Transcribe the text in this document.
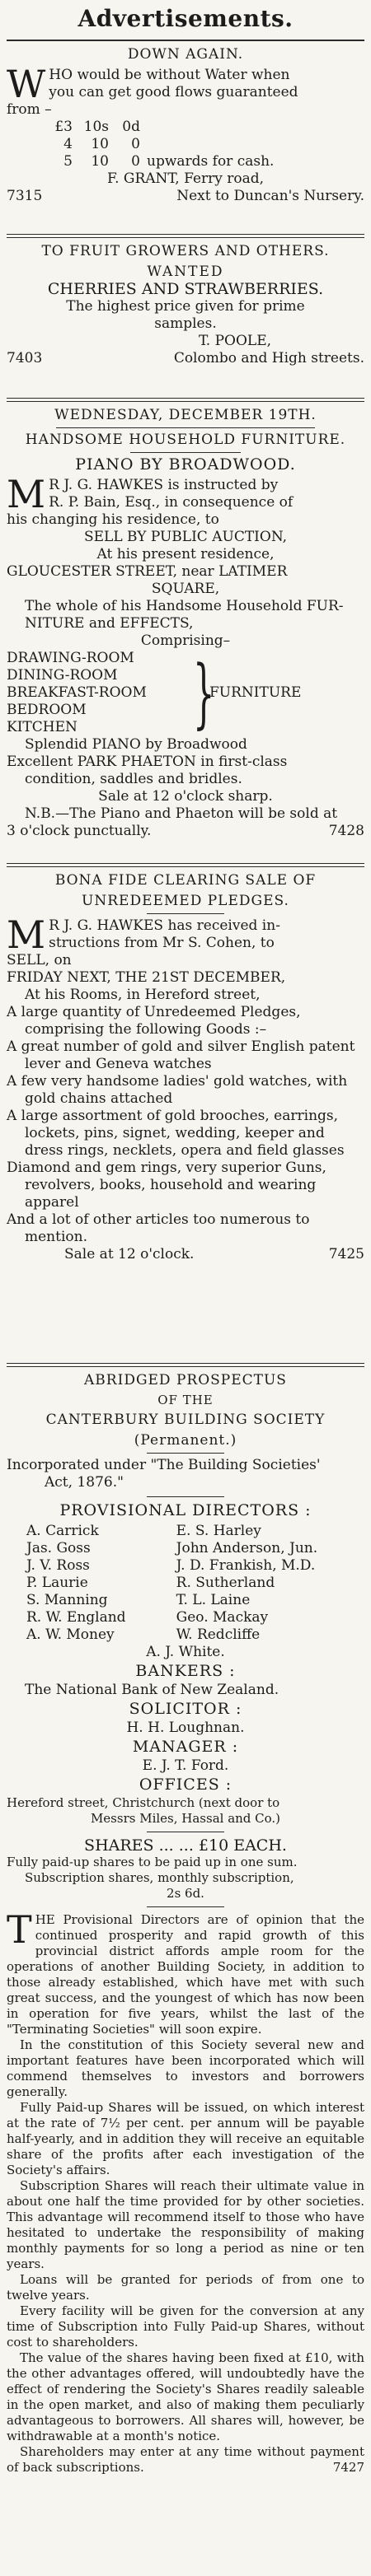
Advertisements.
DOWN AGAIN.
W HO would be without Water when
you can get good flows guaranteed
from –
£3 10s 0d
4	10	0
5	10	0 upwards for cash.
F. GRANT, Ferry road,
7315	Next to Duncan's Nursery.
TO FRUIT GROWERS AND OTHERS.
WANTED
CHERRIES AND STRAWBERRIES.
The highest price given for prime
samples.
T. POOLE,
7403	Colombo and High streets.
WEDNESDAY, DECEMBER 19TH.
HANDSOME HOUSEHOLD FURNITURE.
PIANO BY BROADWOOD.
M R J. G. HAWKES is instructed by
R. P. Bain, Esq., in consequence of
his changing his residence, to
SELL BY PUBLIC AUCTION,
At his present residence,
GLOUCESTER STREET, near LATIMER
SQUARE,
The whole of his Handsome Household FUR-
NITURE and EFFECTS,
Comprising–
DRAWING-ROOM
DINING-ROOM
BREAKFAST-ROOM
BEDROOM
KITCHEN	}
FURNITURE
Splendid PIANO by Broadwood
Excellent PARK PHAETON in first-class
condition, saddles and bridles.
Sale at 12 o'clock sharp.
N.B.—The Piano and Phaeton will be sold at
3 o'clock punctually.	7428
BONA FIDE CLEARING SALE OF
UNREDEEMED PLEDGES.
M R J. G. HAWKES has received in-
structions from Mr S. Cohen, to
SELL, on
FRIDAY NEXT, THE 21ST DECEMBER,
At his Rooms, in Hereford street,
A large quantity of Unredeemed Pledges, comprising the following Goods :–
A great number of gold and silver English patent lever and Geneva watches
A few very handsome ladies' gold watches, with gold chains attached
A large assortment of gold brooches, earrings, lockets, pins, signet, wedding, keeper and dress rings, necklets, opera and field glasses
Diamond and gem rings, very superior Guns, revolvers, books, household and wearing apparel
And a lot of other articles too numerous to mention.
Sale at 12 o'clock.	7425
ABRIDGED PROSPECTUS
OF THE
CANTERBURY BUILDING SOCIETY
(Permanent.)
Incorporated under "The Building Societies'
Act, 1876."
PROVISIONAL DIRECTORS :
A. Carrick	E. S. Harley
Jas. Goss	John Anderson, Jun.
J. V. Ross	J. D. Frankish, M.D.
P. Laurie	R. Sutherland
S. Manning	T. L. Laine
R. W. England	Geo. Mackay
A. W. Money	W. Redcliffe
A. J. White.
BANKERS :
The National Bank of New Zealand.
SOLICITOR :
H. H. Loughnan.
MANAGER :
E. J. T. Ford.
OFFICES :
Hereford street, Christchurch (next door to
Messrs Miles, Hassal and Co.)
SHARES ... ... £10 EACH.
Fully paid-up shares to be paid up in one sum.
Subscription shares, monthly subscription,
2s 6d.
THE Provisional Directors are of opinion that the continued prosperity and rapid growth of this provincial district affords ample room for the operations of another Building Society, in addition to those already established, which have met with such great success, and the youngest of which has now been in operation for five years, whilst the last of the "Terminating Societies" will soon expire.
In the constitution of this Society several new and important features have been incorporated which will commend themselves to investors and borrowers generally.
Fully Paid-up Shares will be issued, on which interest at the rate of 7½ per cent. per annum will be payable half-yearly, and in addition they will receive an equitable share of the profits after each investigation of the Society's affairs.
Subscription Shares will reach their ultimate value in about one half the time provided for by other societies. This advantage will recommend itself to those who have hesitated to undertake the responsibility of making monthly payments for so long a period as nine or ten years.
Loans will be granted for periods of from one to twelve years.
Every facility will be given for the conversion at any time of Subscription into Fully Paid-up Shares, without cost to shareholders.
The value of the shares having been fixed at £10, with the other advantages offered, will undoubtedly have the effect of rendering the Society's Shares readily saleable in the open market, and also of making them peculiarly advantageous to borrowers. All shares will, however, be withdrawable at a month's notice.
Shareholders may enter at any time without payment of back subscriptions.	7427
